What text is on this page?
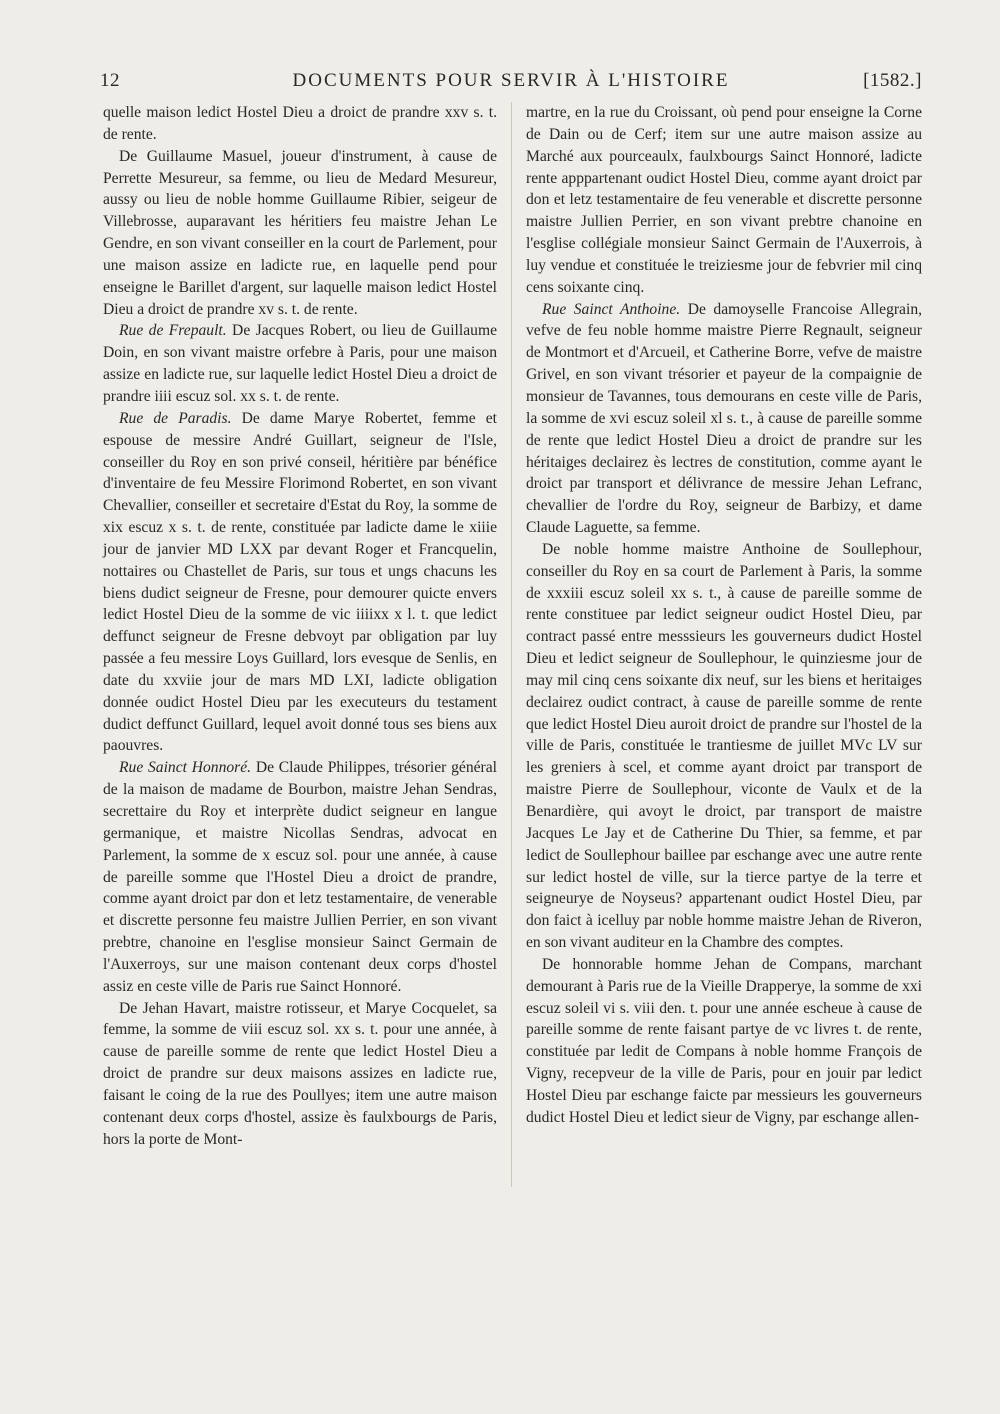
12	DOCUMENTS POUR SERVIR À L'HISTOIRE	[1582.]

quelle maison ledict Hostel Dieu a droict de prandre xxv s. t. de rente.

De Guillaume Masuel, joueur d'instrument, à cause de Perrette Mesureur, sa femme, ou lieu de Medard Mesureur, aussy ou lieu de noble homme Guillaume Ribier, seigeur de Villebrosse, auparavant les héritiers feu maistre Jehan Le Gendre, en son vivant conseiller en la court de Parlement, pour une maison assize en ladicte rue, en laquelle pend pour enseigne le Barillet d'argent, sur laquelle maison ledict Hostel Dieu a droict de prandre xv s. t. de rente.

Rue de Frepault. De Jacques Robert, ou lieu de Guillaume Doin, en son vivant maistre orfebre à Paris, pour une maison assize en ladicte rue, sur laquelle ledict Hostel Dieu a droict de prandre iiii escuz sol. xx s. t. de rente.

Rue de Paradis. De dame Marye Robertet, femme et espouse de messire André Guillart, seigneur de l'Isle, conseiller du Roy en son privé conseil, héritière par bénéfice d'inventaire de feu Messire Florimond Robertet, en son vivant Chevallier, conseiller et secretaire d'Estat du Roy, la somme de xix escuz x s. t. de rente, constituée par ladicte dame le xiiie jour de janvier MD LXX par devant Roger et Francquelin, nottaires ou Chastellet de Paris, sur tous et ungs chacuns les biens dudict seigneur de Fresne, pour demourer quicte envers ledict Hostel Dieu de la somme de vic iiiixx x l. t. que ledict deffunct seigneur de Fresne debvoyt par obligation par luy passée a feu messire Loys Guillard, lors evesque de Senlis, en date du xxviie jour de mars MD LXI, ladicte obligation donnée oudict Hostel Dieu par les executeurs du testament dudict deffunct Guillard, lequel avoit donné tous ses biens aux paouvres.

Rue Sainct Honnoré. De Claude Philippes, trésorier général de la maison de madame de Bourbon, maistre Jehan Sendras, secrettaire du Roy et interprète dudict seigneur en langue germanique, et maistre Nicollas Sendras, advocat en Parlement, la somme de x escuz sol. pour une année, à cause de pareille somme que l'Hostel Dieu a droict de prandre, comme ayant droict par don et letz testamentaire, de venerable et discrette personne feu maistre Jullien Perrier, en son vivant prebtre, chanoine en l'esglise monsieur Sainct Germain de l'Auxerroys, sur une maison contenant deux corps d'hostel assiz en ceste ville de Paris rue Sainct Honnoré.

De Jehan Havart, maistre rotisseur, et Marye Cocquelet, sa femme, la somme de viii escuz sol. xx s. t. pour une année, à cause de pareille somme de rente que ledict Hostel Dieu a droict de prandre sur deux maisons assizes en ladicte rue, faisant le coing de la rue des Poullyes; item une autre maison contenant deux corps d'hostel, assize ès faulxbourgs de Paris, hors la porte de Mont-

martre, en la rue du Croissant, où pend pour enseigne la Corne de Dain ou de Cerf; item sur une autre maison assize au Marché aux pourceaulx, faulxbourgs Sainct Honnoré, ladicte rente apppartenant oudict Hostel Dieu, comme ayant droict par don et letz testamentaire de feu venerable et discrette personne maistre Jullien Perrier, en son vivant prebtre chanoine en l'esglise collégiale monsieur Sainct Germain de l'Auxerrois, à luy vendue et constituée le treiziesme jour de febvrier mil cinq cens soixante cinq.

Rue Sainct Anthoine. De damoyselle Francoise Allegrain, vefve de feu noble homme maistre Pierre Regnault, seigneur de Montmort et d'Arcueil, et Catherine Borre, vefve de maistre Grivel, en son vivant trésorier et payeur de la compaignie de monsieur de Tavannes, tous demourans en ceste ville de Paris, la somme de xvi escuz soleil xl s. t., à cause de pareille somme de rente que ledict Hostel Dieu a droict de prandre sur les héritaiges declairez ès lectres de constitution, comme ayant le droict par transport et délivrance de messire Jehan Lefranc, chevallier de l'ordre du Roy, seigneur de Barbizy, et dame Claude Laguette, sa femme.

De noble homme maistre Anthoine de Soullephour, conseiller du Roy en sa court de Parlement à Paris, la somme de xxxiii escuz soleil xx s. t., à cause de pareille somme de rente constituee par ledict seigneur oudict Hostel Dieu, par contract passé entre messsieurs les gouverneurs dudict Hostel Dieu et ledict seigneur de Soullephour, le quinziesme jour de may mil cinq cens soixante dix neuf, sur les biens et heritaiges declairez oudict contract, à cause de pareille somme de rente que ledict Hostel Dieu auroit droict de prandre sur l'hostel de la ville de Paris, constituée le trantiesme de juillet MVc LV sur les greniers à scel, et comme ayant droict par transport de maistre Pierre de Soullephour, viconte de Vaulx et de la Benardière, qui avoyt le droict, par transport de maistre Jacques Le Jay et de Catherine Du Thier, sa femme, et par ledict de Soullephour baillee par eschange avec une autre rente sur ledict hostel de ville, sur la tierce partye de la terre et seigneurye de Noyseus? appartenant oudict Hostel Dieu, par don faict à icelluy par noble homme maistre Jehan de Riveron, en son vivant auditeur en la Chambre des comptes.

De honnorable homme Jehan de Compans, marchant demourant à Paris rue de la Vieille Drapperye, la somme de xxi escuz soleil vi s. viii den. t. pour une année escheue à cause de pareille somme de rente faisant partye de vc livres t. de rente, constituée par ledit de Compans à noble homme François de Vigny, recepveur de la ville de Paris, pour en jouir par ledict Hostel Dieu par eschange faicte par messieurs les gouverneurs dudict Hostel Dieu et ledict sieur de Vigny, par eschange allen-
